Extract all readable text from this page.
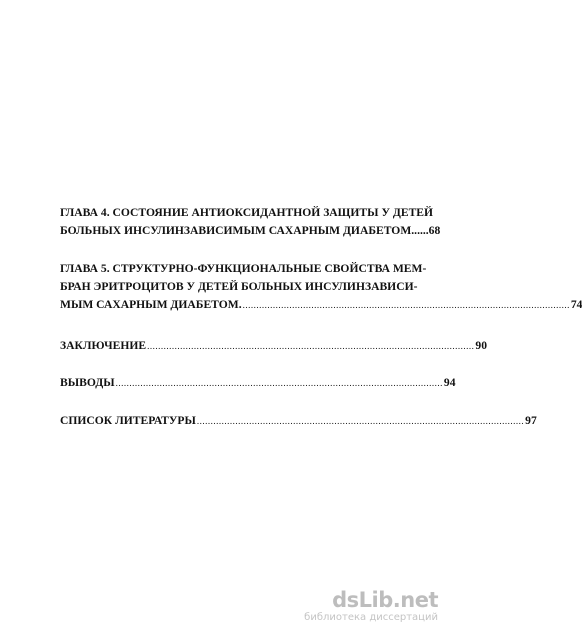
ГЛАВА 4. СОСТОЯНИЕ АНТИОКСИДАНТНОЙ ЗАЩИТЫ У ДЕТЕЙ
БОЛЬНЫХ ИНСУЛИНЗАВИСИМЫМ САХАРНЫМ ДИАБЕТОМ ...... 68
ГЛАВА 5. СТРУКТУРНО-ФУНКЦИОНАЛЬНЫЕ СВОЙСТВА МЕМ-
БРАН ЭРИТРОЦИТОВ У ДЕТЕЙ БОЛЬНЫХ ИНСУЛИНЗАВИСИ-
МЫМ САХАРНЫМ ДИАБЕТОМ. ....................................................................................................................... 74
ЗАКЛЮЧЕНИЕ ....................................................................................................................... 90
ВЫВОДЫ ....................................................................................................................... 94
СПИСОК ЛИТЕРАТУРЫ ....................................................................................................................... 97
dsLib.net
библиотека диссертаций
